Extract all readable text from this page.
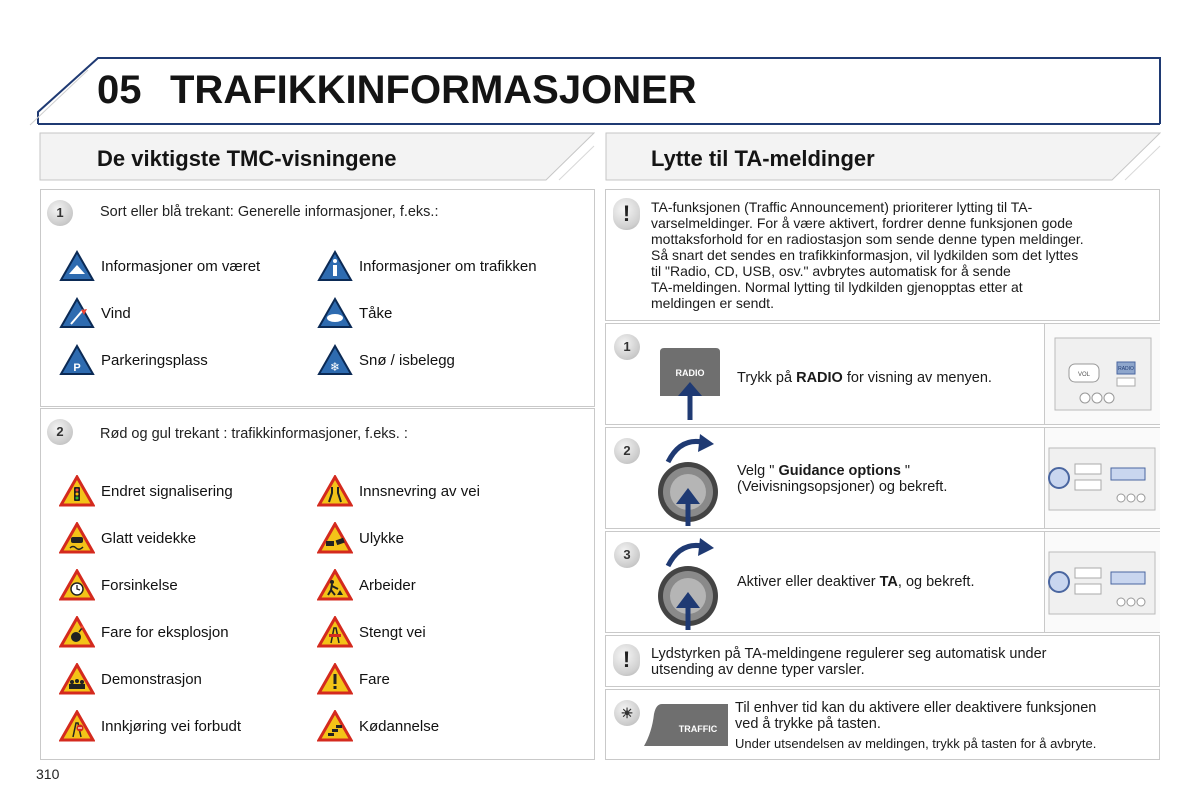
05 TRAFIKKINFORMASJONER
De viktigste TMC-visningene	Lytte til TA-meldinger
1	Sort eller blå trekant: Generelle informasjoner, f.eks.:
Informasjoner om været	Informasjoner om trafikken
Vind	Tåke
P Parkeringsplass	❄ Snø / isbelegg
2	Rød og gul trekant : trafikkinformasjoner, f.eks. :
Endret signalisering	Innsnevring av vei
Glatt veidekke	Ulykke
Forsinkelse	Arbeider
Fare for eksplosjon	Stengt vei
Demonstrasjon	Fare
Innkjøring vei forbudt	Kødannelse
!	TA-funksjonen (Traffic Announcement) prioriterer lytting til TA-
varselmeldinger. For å være aktivert, fordrer denne funksjonen gode
mottaksforhold for en radiostasjon som sende denne typen meldinger.
Så snart det sendes en trafikkinformasjon, vil lydkilden som det lyttes
til "Radio, CD, USB, osv." avbrytes automatisk for å sende
TA-meldingen. Normal lytting til lydkilden gjenopptas etter at
meldingen er sendt.
1
RADIO Trykk på RADIO for visning av menyen.	VOL
RADIO
2
Velg " Guidance options "
(Veivisningsopsjoner) og bekreft.
3
Aktiver eller deaktiver TA, og bekreft.
!	Lydstyrken på TA-meldingene regulerer seg automatisk under
utsending av denne typer varsler.
☀
TRAFFIC
Til enhver tid kan du aktivere eller deaktivere funksjonen
ved å trykke på tasten.
Under utsendelsen av meldingen, trykk på tasten for å avbryte.
310
